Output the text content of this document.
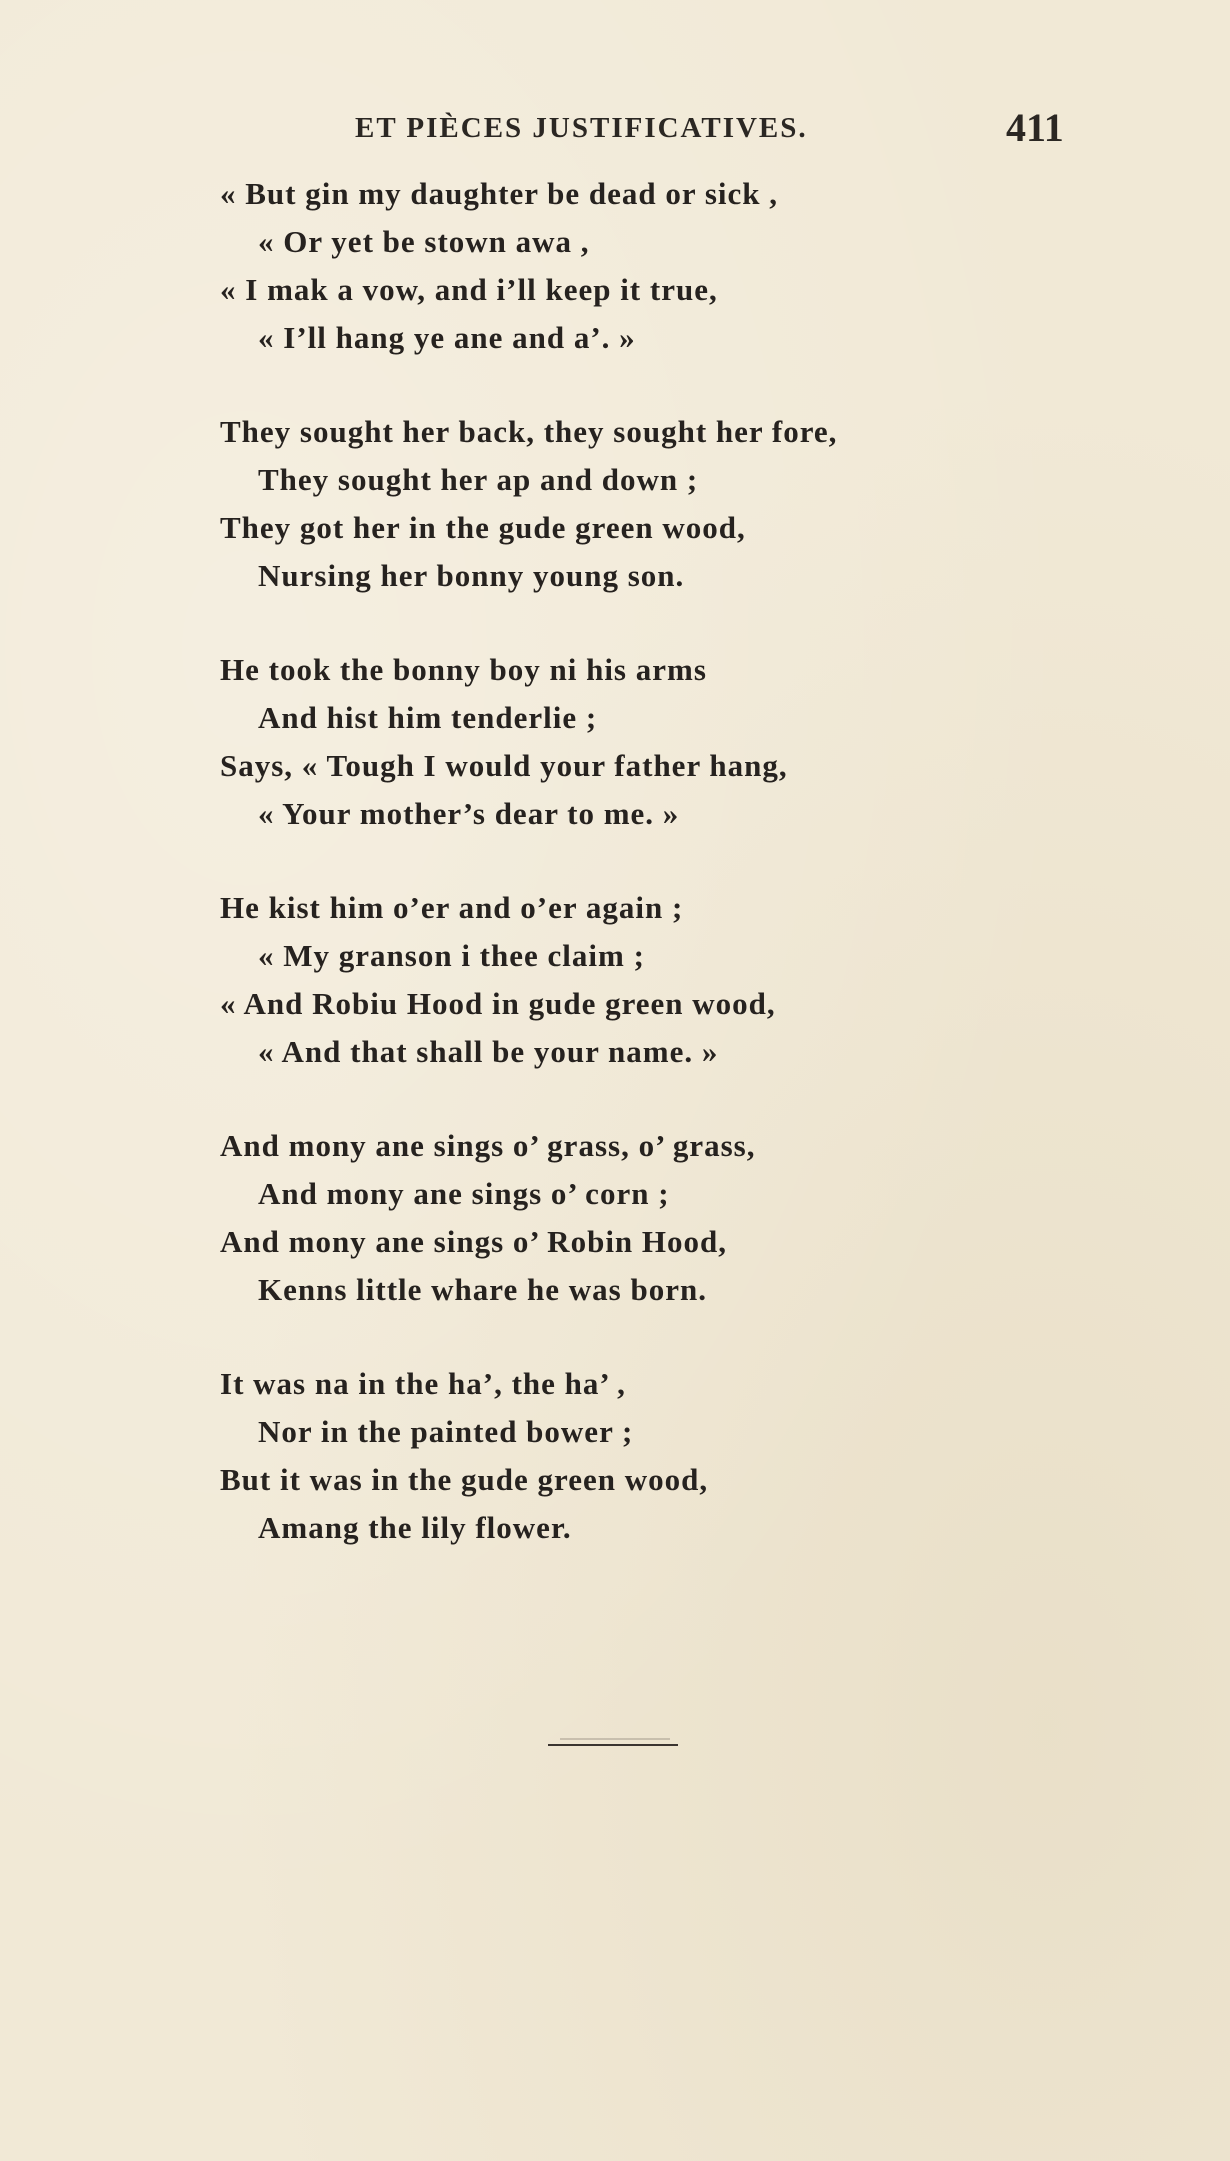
ET PIÈCES JUSTIFICATIVES.	411
« But gin my daughter be dead or sick ,
« Or yet be stown awa ,
« I mak a vow, and i’ll keep it true,
« I’ll hang ye ane and a’. »
They sought her back, they sought her fore,
They sought her ap and down ;
They got her in the gude green wood,
Nursing her bonny young son.
He took the bonny boy ni his arms
And hist him tenderlie ;
Says, « Tough I would your father hang,
« Your mother’s dear to me. »
He kist him o’er and o’er again ;
« My granson i thee claim ;
« And Robiu Hood in gude green wood,
« And that shall be your name. »
And mony ane sings o’ grass, o’ grass,
And mony ane sings o’ corn ;
And mony ane sings o’ Robin Hood,
Kenns little whare he was born.
It was na in the ha’, the ha’ ,
Nor in the painted bower ;
But it was in the gude green wood,
Amang the lily flower.
